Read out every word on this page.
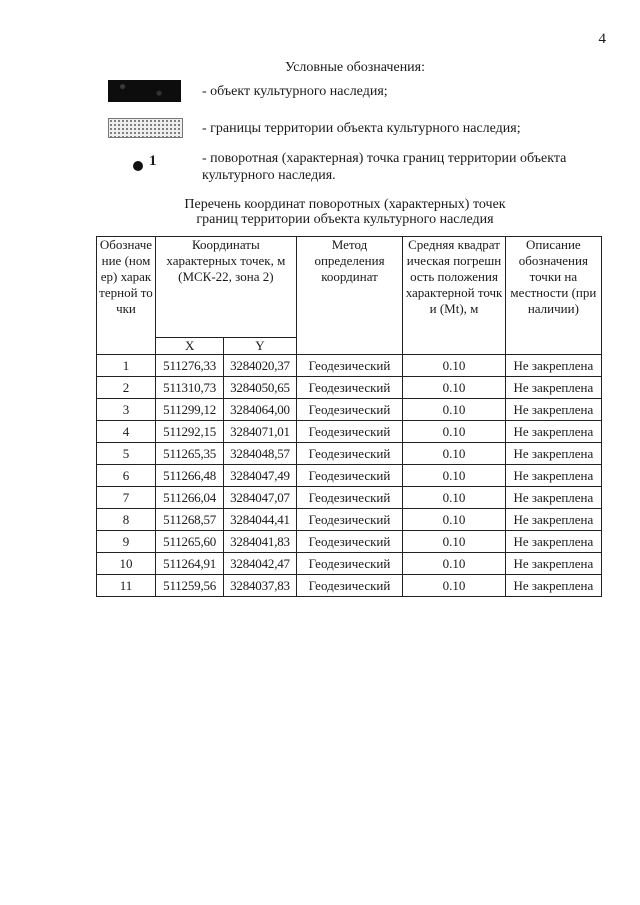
4
Условные обозначения:
- объект культурного наследия;
- границы территории объекта культурного наследия;
1	- поворотная (характерная) точка границ территории объекта
культурного наследия.
Перечень координат поворотных (характерных) точек
границ территории объекта культурного наследия
Обозначение (номер) характерной точки	Координаты характерных точек, м (МСК-22, зона 2)		Метод определения координат	Средняя квадратическая погрешность положения характерной точки (Mt), м	Описание обозначения точки на местности (при наличии)
	X	Y			
1	511276,33	3284020,37	Геодезический	0.10	Не закреплена
2	511310,73	3284050,65	Геодезический	0.10	Не закреплена
3	511299,12	3284064,00	Геодезический	0.10	Не закреплена
4	511292,15	3284071,01	Геодезический	0.10	Не закреплена
5	511265,35	3284048,57	Геодезический	0.10	Не закреплена
6	511266,48	3284047,49	Геодезический	0.10	Не закреплена
7	511266,04	3284047,07	Геодезический	0.10	Не закреплена
8	511268,57	3284044,41	Геодезический	0.10	Не закреплена
9	511265,60	3284041,83	Геодезический	0.10	Не закреплена
10	511264,91	3284042,47	Геодезический	0.10	Не закреплена
11	511259,56	3284037,83	Геодезический	0.10	Не закреплена
